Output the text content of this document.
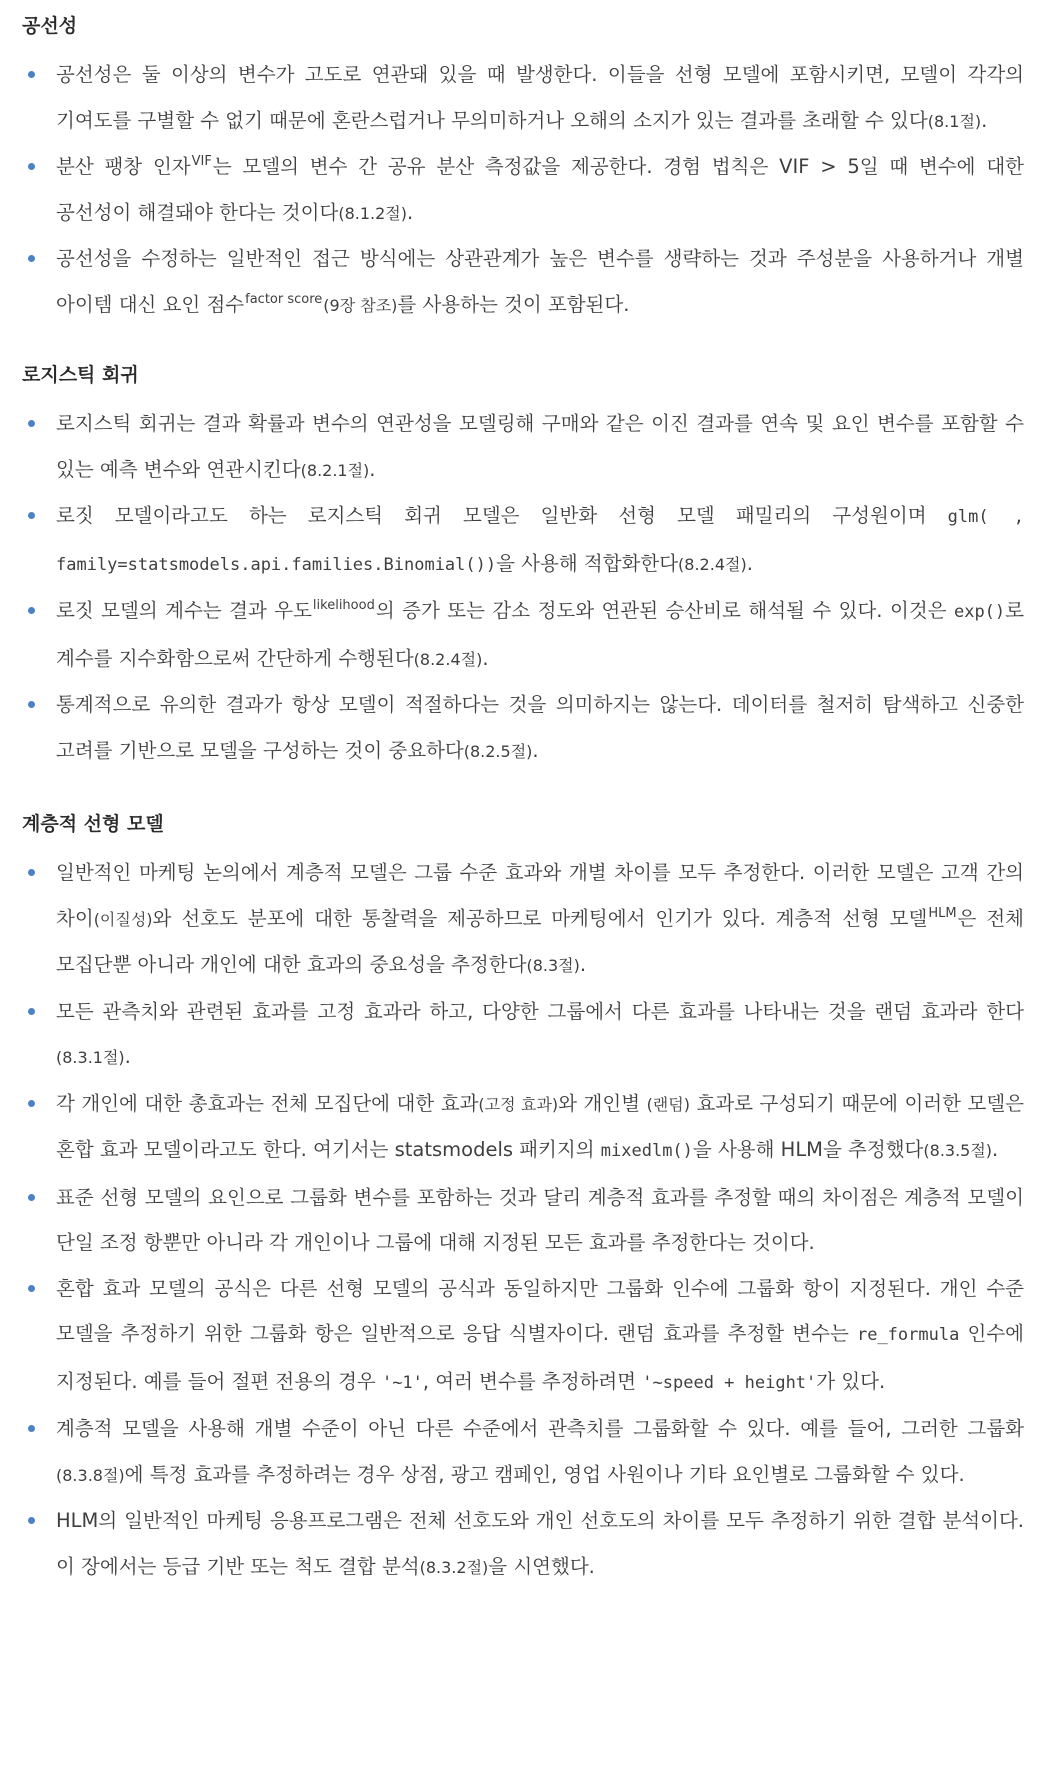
공선성
공선성은 둘 이상의 변수가 고도로 연관돼 있을 때 발생한다. 이들을 선형 모델에 포함시키면, 모델이 각각의 기여도를 구별할 수 없기 때문에 혼란스럽거나 무의미하거나 오해의 소지가 있는 결과를 초래할 수 있다(8.1절).
분산 팽창 인자$^{VIF}$는 모델의 변수 간 공유 분산 측정값을 제공한다. 경험 법칙은 VIF > 5일 때 변수에 대한 공선성이 해결돼야 한다는 것이다(8.1.2절).
공선성을 수정하는 일반적인 접근 방식에는 상관관계가 높은 변수를 생략하는 것과 주성분을 사용하거나 개별 아이템 대신 요인 점수$^{factor score}$(9장 참조)를 사용하는 것이 포함된다.
로지스틱 회귀
로지스틱 회귀는 결과 확률과 변수의 연관성을 모델링해 구매와 같은 이진 결과를 연속 및 요인 변수를 포함할 수 있는 예측 변수와 연관시킨다(8.2.1절).
로짓 모델이라고도 하는 로지스틱 회귀 모델은 일반화 선형 모델 패밀리의 구성원이며 glm( , family=statsmodels.api.families.Binomial())을 사용해 적합화한다(8.2.4절).
로짓 모델의 계수는 결과 우도$^{likelihood}$의 증가 또는 감소 정도와 연관된 승산비로 해석될 수 있다. 이것은 exp()로 계수를 지수화함으로써 간단하게 수행된다(8.2.4절).
통계적으로 유의한 결과가 항상 모델이 적절하다는 것을 의미하지는 않는다. 데이터를 철저히 탐색하고 신중한 고려를 기반으로 모델을 구성하는 것이 중요하다(8.2.5절).
계층적 선형 모델
일반적인 마케팅 논의에서 계층적 모델은 그룹 수준 효과와 개별 차이를 모두 추정한다. 이러한 모델은 고객 간의 차이(이질성)와 선호도 분포에 대한 통찰력을 제공하므로 마케팅에서 인기가 있다. 계층적 선형 모델$^{HLM}$은 전체 모집단뿐 아니라 개인에 대한 효과의 중요성을 추정한다(8.3절).
모든 관측치와 관련된 효과를 고정 효과라 하고, 다양한 그룹에서 다른 효과를 나타내는 것을 랜덤 효과라 한다(8.3.1절).
각 개인에 대한 총효과는 전체 모집단에 대한 효과(고정 효과)와 개인별 (랜덤) 효과로 구성되기 때문에 이러한 모델은 혼합 효과 모델이라고도 한다. 여기서는 statsmodels 패키지의 mixedlm()을 사용해 HLM을 추정했다(8.3.5절).
표준 선형 모델의 요인으로 그룹화 변수를 포함하는 것과 달리 계층적 효과를 추정할 때의 차이점은 계층적 모델이 단일 조정 항뿐만 아니라 각 개인이나 그룹에 대해 지정된 모든 효과를 추정한다는 것이다.
혼합 효과 모델의 공식은 다른 선형 모델의 공식과 동일하지만 그룹화 인수에 그룹화 항이 지정된다. 개인 수준 모델을 추정하기 위한 그룹화 항은 일반적으로 응답 식별자이다. 랜덤 효과를 추정할 변수는 re_formula 인수에 지정된다. 예를 들어 절편 전용의 경우 '~1', 여러 변수를 추정하려면 '~speed + height'가 있다.
계층적 모델을 사용해 개별 수준이 아닌 다른 수준에서 관측치를 그룹화할 수 있다. 예를 들어, 그러한 그룹화(8.3.8절)에 특정 효과를 추정하려는 경우 상점, 광고 캠페인, 영업 사원이나 기타 요인별로 그룹화할 수 있다.
HLM의 일반적인 마케팅 응용프로그램은 전체 선호도와 개인 선호도의 차이를 모두 추정하기 위한 결합 분석이다. 이 장에서는 등급 기반 또는 척도 결합 분석(8.3.2절)을 시연했다.
